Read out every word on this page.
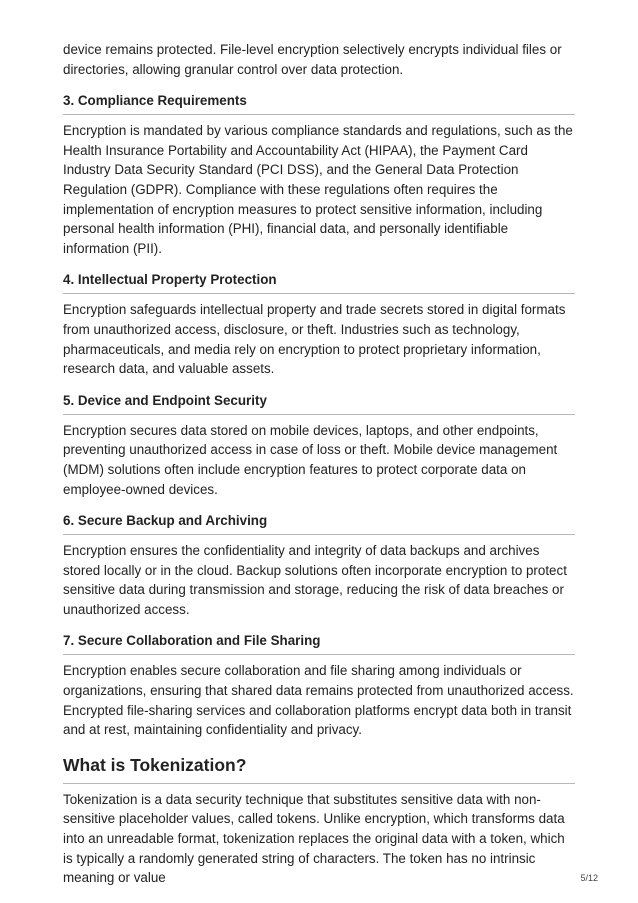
device remains protected. File-level encryption selectively encrypts individual files or directories, allowing granular control over data protection.

3. Compliance Requirements

Encryption is mandated by various compliance standards and regulations, such as the Health Insurance Portability and Accountability Act (HIPAA), the Payment Card Industry Data Security Standard (PCI DSS), and the General Data Protection Regulation (GDPR). Compliance with these regulations often requires the implementation of encryption measures to protect sensitive information, including personal health information (PHI), financial data, and personally identifiable information (PII).

4. Intellectual Property Protection

Encryption safeguards intellectual property and trade secrets stored in digital formats from unauthorized access, disclosure, or theft. Industries such as technology, pharmaceuticals, and media rely on encryption to protect proprietary information, research data, and valuable assets.

5. Device and Endpoint Security

Encryption secures data stored on mobile devices, laptops, and other endpoints, preventing unauthorized access in case of loss or theft. Mobile device management (MDM) solutions often include encryption features to protect corporate data on employee-owned devices.

6. Secure Backup and Archiving

Encryption ensures the confidentiality and integrity of data backups and archives stored locally or in the cloud. Backup solutions often incorporate encryption to protect sensitive data during transmission and storage, reducing the risk of data breaches or unauthorized access.

7. Secure Collaboration and File Sharing

Encryption enables secure collaboration and file sharing among individuals or organizations, ensuring that shared data remains protected from unauthorized access. Encrypted file-sharing services and collaboration platforms encrypt data both in transit and at rest, maintaining confidentiality and privacy.

What is Tokenization?

Tokenization is a data security technique that substitutes sensitive data with non-sensitive placeholder values, called tokens. Unlike encryption, which transforms data into an unreadable format, tokenization replaces the original data with a token, which is typically a randomly generated string of characters. The token has no intrinsic meaning or value	5/12
